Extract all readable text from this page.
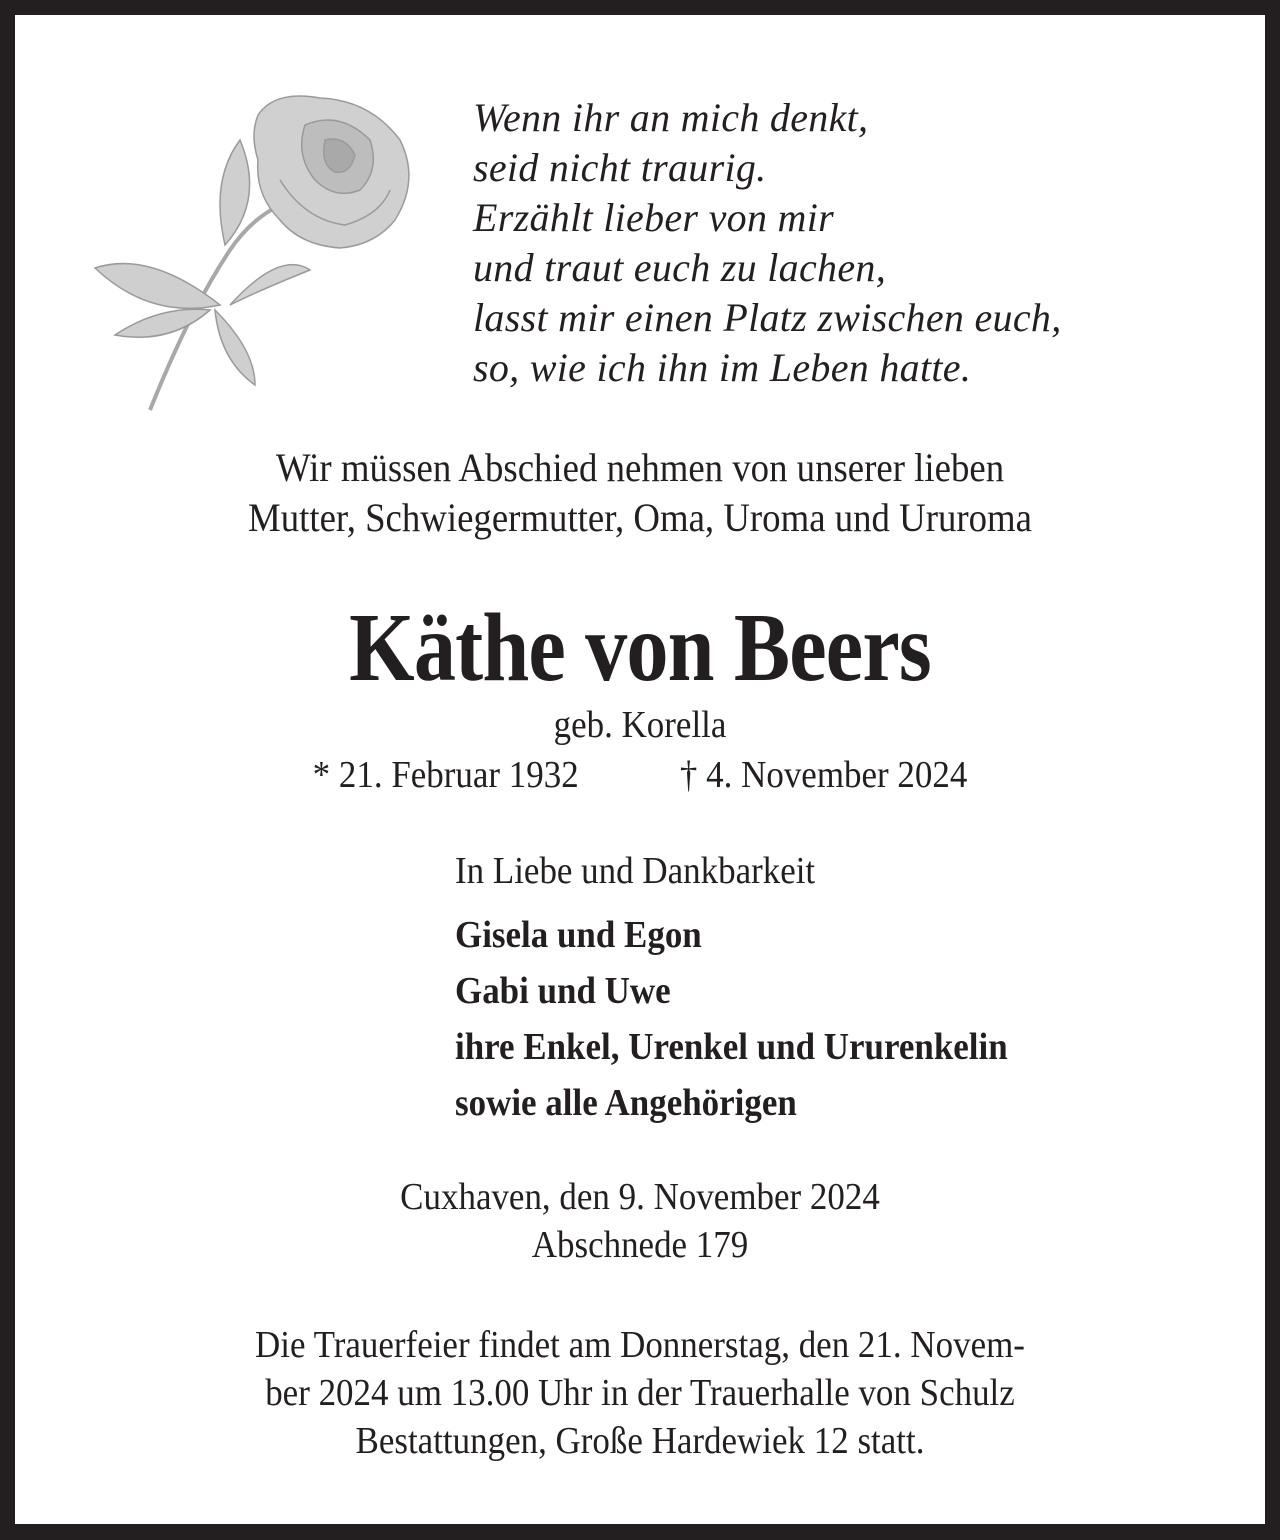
Wenn ihr an mich denkt,
seid nicht traurig.
Erzählt lieber von mir
und traut euch zu lachen,
lasst mir einen Platz zwischen euch,
so, wie ich ihn im Leben hatte.
Wir müssen Abschied nehmen von unserer lieben
Mutter, Schwiegermutter, Oma, Uroma und Ururoma
Käthe von Beers
geb. Korella
* 21. Februar 1932	† 4. November 2024
In Liebe und Dankbarkeit
Gisela und Egon
Gabi und Uwe
ihre Enkel, Urenkel und Ururenkelin
sowie alle Angehörigen
Cuxhaven, den 9. November 2024
Abschnede 179
Die Trauerfeier findet am Donnerstag, den 21. Novem-
ber 2024 um 13.00 Uhr in der Trauerhalle von Schulz
Bestattungen, Große Hardewiek 12 statt.
